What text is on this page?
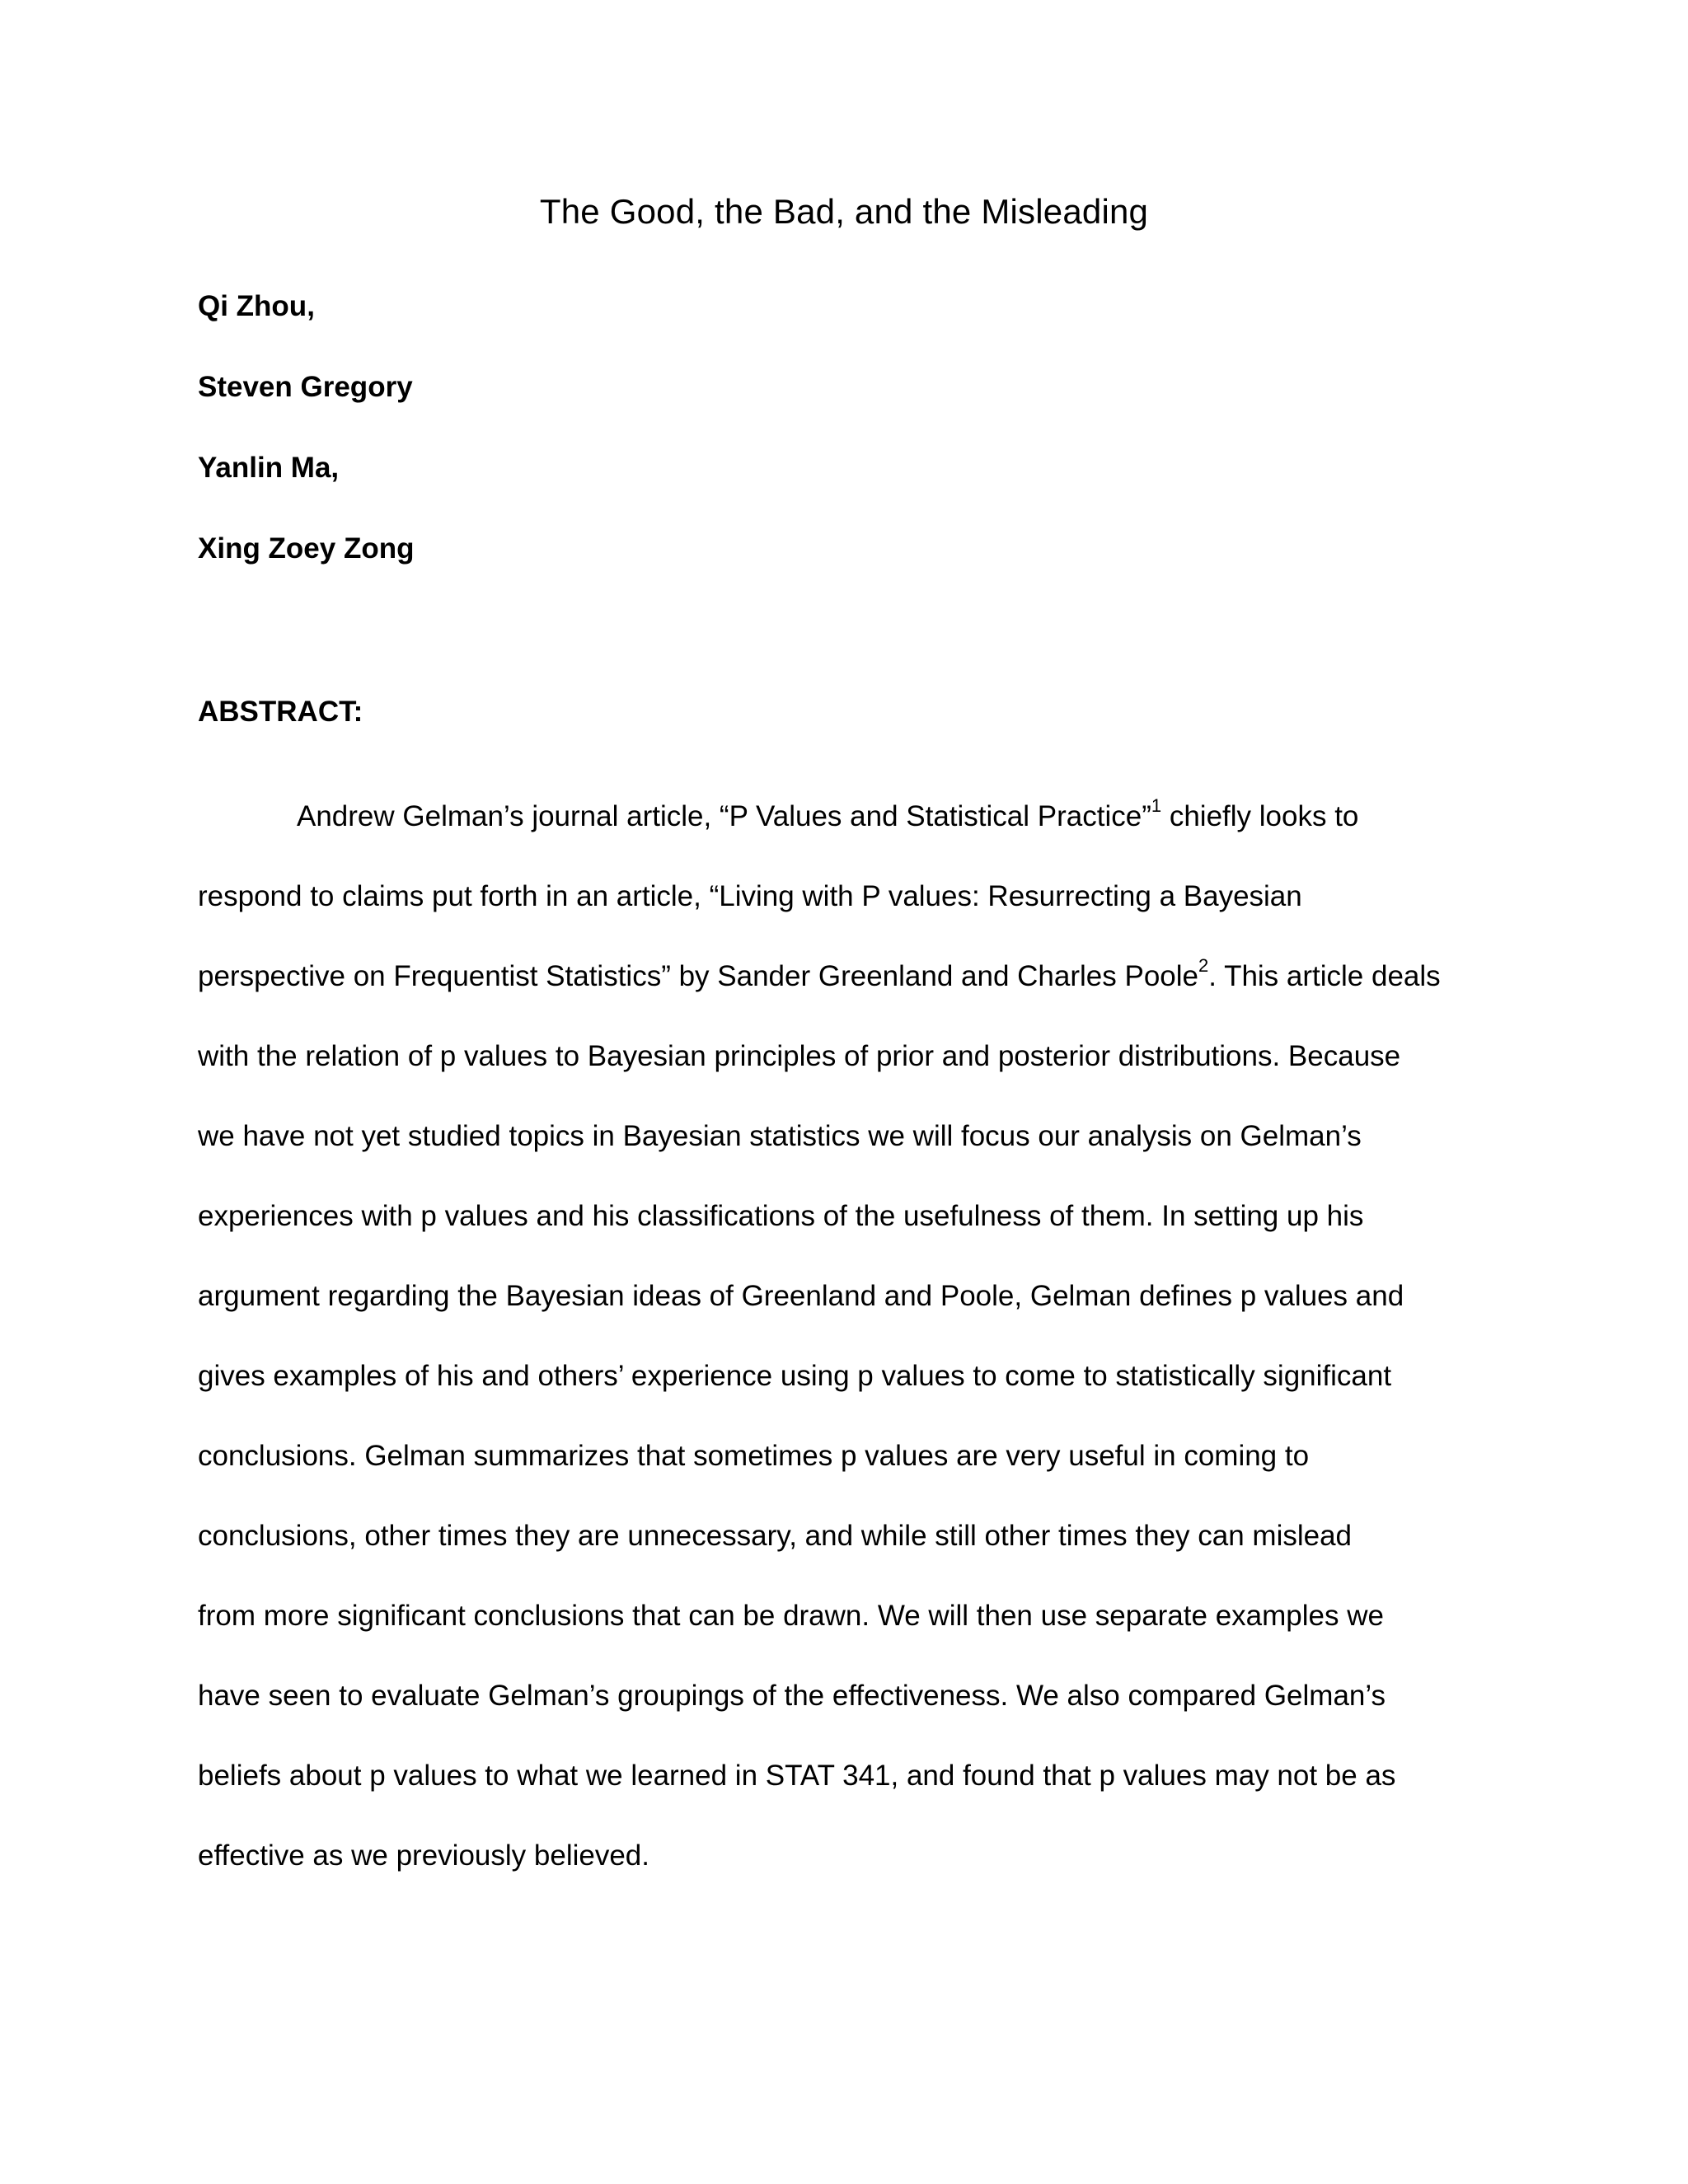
The Good, the Bad, and the Misleading
Qi Zhou,
Steven Gregory
Yanlin Ma,
Xing Zoey Zong
ABSTRACT:
Andrew Gelman’s journal article, “P Values and Statistical Practice”$^1$ chiefly looks to
respond to claims put forth in an article, “Living with P values: Resurrecting a Bayesian
perspective on Frequentist Statistics” by Sander Greenland and Charles Poole$^2$. This article deals
with the relation of p values to Bayesian principles of prior and posterior distributions. Because
we have not yet studied topics in Bayesian statistics we will focus our analysis on Gelman’s
experiences with p values and his classifications of the usefulness of them. In setting up his
argument regarding the Bayesian ideas of Greenland and Poole, Gelman defines p values and
gives examples of his and others’ experience using p values to come to statistically significant
conclusions. Gelman summarizes that sometimes p values are very useful in coming to
conclusions, other times they are unnecessary, and while still other times they can mislead
from more significant conclusions that can be drawn. We will then use separate examples we
have seen to evaluate Gelman’s groupings of the effectiveness. We also compared Gelman’s
beliefs about p values to what we learned in STAT 341, and found that p values may not be as
effective as we previously believed.
